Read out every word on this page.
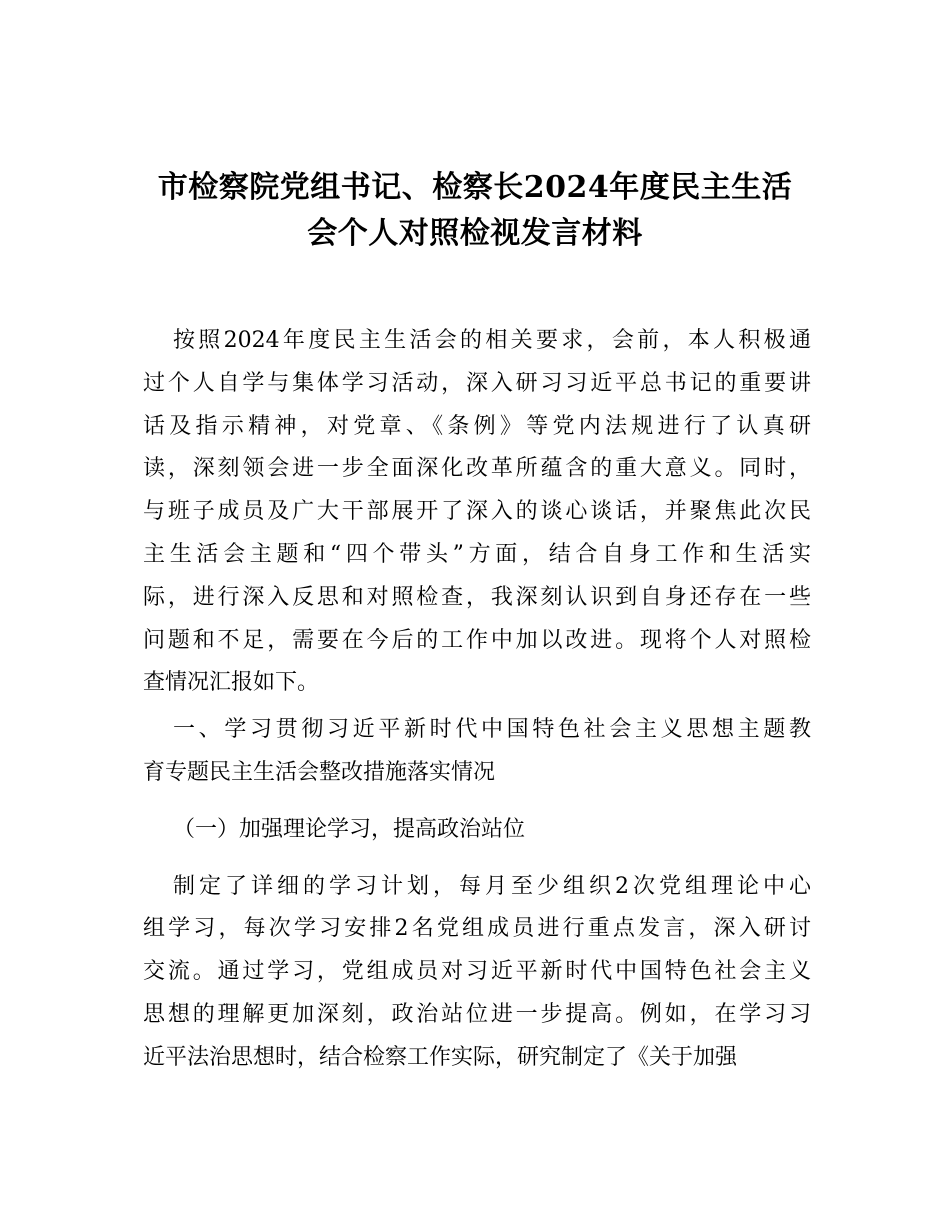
市检察院党组书记、检察长2024年度民主生活
会个人对照检视发言材料
按照2024年度民主生活会的相关要求，会前，本人积极通
过个人自学与集体学习活动，深入研习习近平总书记的重要讲
话及指示精神，对党章、《条例》等党内法规进行了认真研
读，深刻领会进一步全面深化改革所蕴含的重大意义。同时，
与班子成员及广大干部展开了深入的谈心谈话，并聚焦此次民
主生活会主题和“四个带头”方面，结合自身工作和生活实
际，进行深入反思和对照检查，我深刻认识到自身还存在一些
问题和不足，需要在今后的工作中加以改进。现将个人对照检
查情况汇报如下。
一、学习贯彻习近平新时代中国特色社会主义思想主题教
育专题民主生活会整改措施落实情况
（一）加强理论学习，提高政治站位
制定了详细的学习计划，每月至少组织2次党组理论中心
组学习，每次学习安排2名党组成员进行重点发言，深入研讨
交流。通过学习，党组成员对习近平新时代中国特色社会主义
思想的理解更加深刻，政治站位进一步提高。例如，在学习习
近平法治思想时，结合检察工作实际，研究制定了《关于加强
